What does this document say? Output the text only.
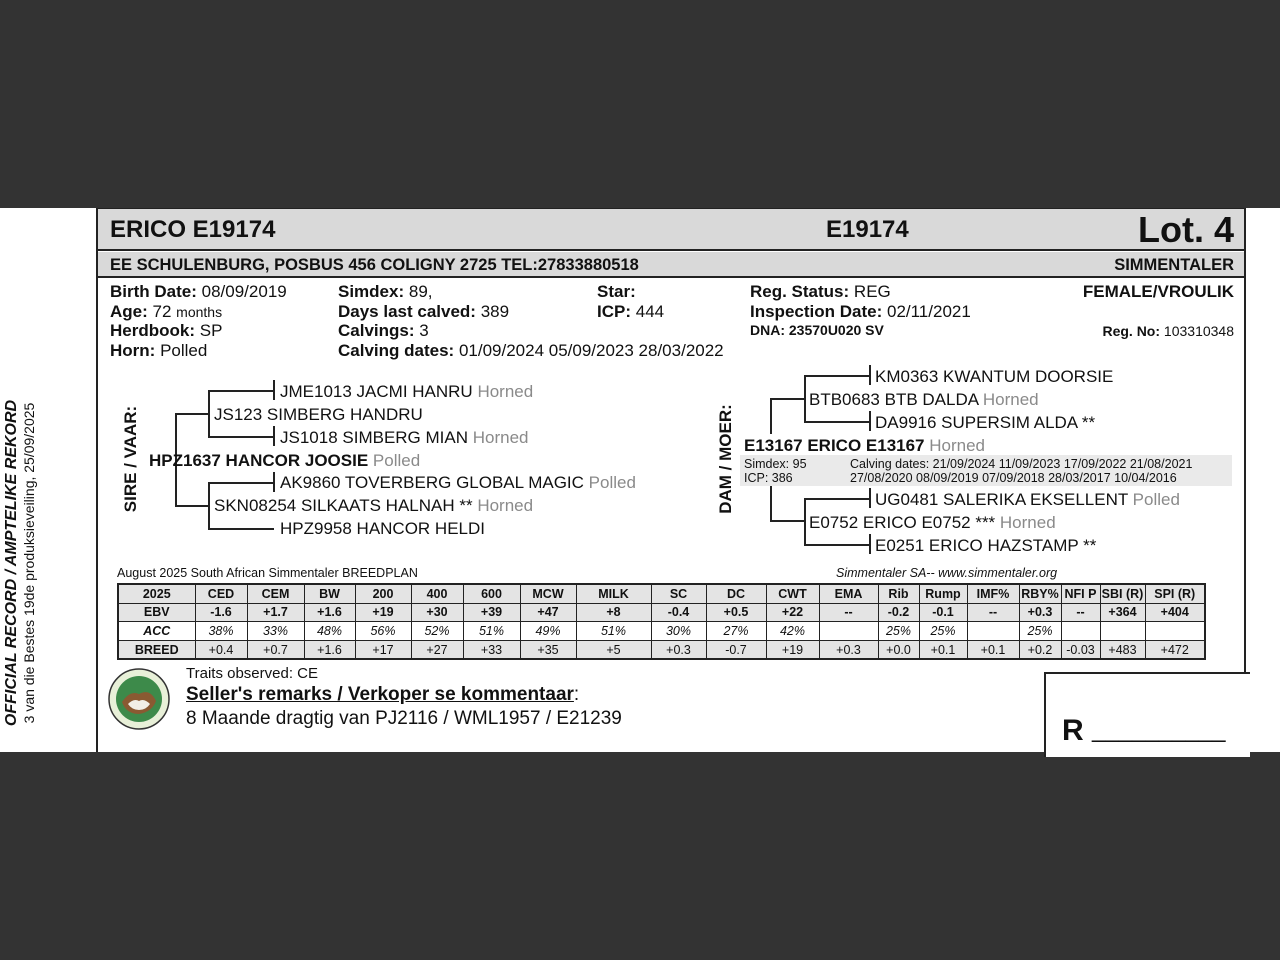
OFFICIAL RECORD / AMPTELIKE REKORD 3 van die Bestes 19de produksieveiling, 25/09/2025
ERICO E19174	E19174	Lot. 4
EE SCHULENBURG, POSBUS 456 COLIGNY 2725 TEL:27833880518	SIMMENTALER
Birth Date: 08/09/2019
Age: 72 months
Herdbook: SP
Horn: Polled
Simdex: 89,
Days last calved: 389
Calvings: 3
Calving dates: 01/09/2024 05/09/2023 28/03/2022
Star:
ICP: 444
Reg. Status: REG
Inspection Date: 02/11/2021
DNA: 23570U020 SV
FEMALE/VROULIK
Reg. No: 103310348
SIRE / VAAR:
JME1013 JACMI HANRU Horned
JS123 SIMBERG HANDRU
JS1018 SIMBERG MIAN Horned
HPZ1637 HANCOR JOOSIE Polled
AK9860 TOVERBERG GLOBAL MAGIC Polled
SKN08254 SILKAATS HALNAH ** Horned
HPZ9958 HANCOR HELDI
DAM / MOER:
KM0363 KWANTUM DOORSIE
BTB0683 BTB DALDA Horned
DA9916 SUPERSIM ALDA **
E13167 ERICO E13167 Horned
Simdex: 95
ICP: 386
Calving dates: 21/09/2024 11/09/2023 17/09/2022 21/08/2021
27/08/2020 08/09/2019 07/09/2018 28/03/2017 10/04/2016
UG0481 SALERIKA EKSELLENT Polled
E0752 ERICO E0752 *** Horned
E0251 ERICO HAZSTAMP **
August 2025 South African Simmentaler BREEDPLAN	Simmentaler SA-- www.simmentaler.org
2025	CED	CEM	BW	200	400	600	MCW	MILK	SC	DC	CWT	EMA	Rib	Rump	IMF%	RBY%	NFI P	SBI (R)	SPI (R)
EBV	-1.6	+1.7	+1.6	+19	+30	+39	+47	+8	-0.4	+0.5	+22	--	-0.2	-0.1	--	+0.3	--	+364	+404
ACC	38%	33%	48%	56%	52%	51%	49%	51%	30%	27%	42%		25%	25%		25%			
BREED	+0.4	+0.7	+1.6	+17	+27	+33	+35	+5	+0.3	-0.7	+19	+0.3	+0.0	+0.1	+0.1	+0.2	-0.03	+483	+472
Traits observed: CE
Seller's remarks / Verkoper se kommentaar:
8 Maande dragtig van PJ2116 / WML1957 / E21239	R __________
